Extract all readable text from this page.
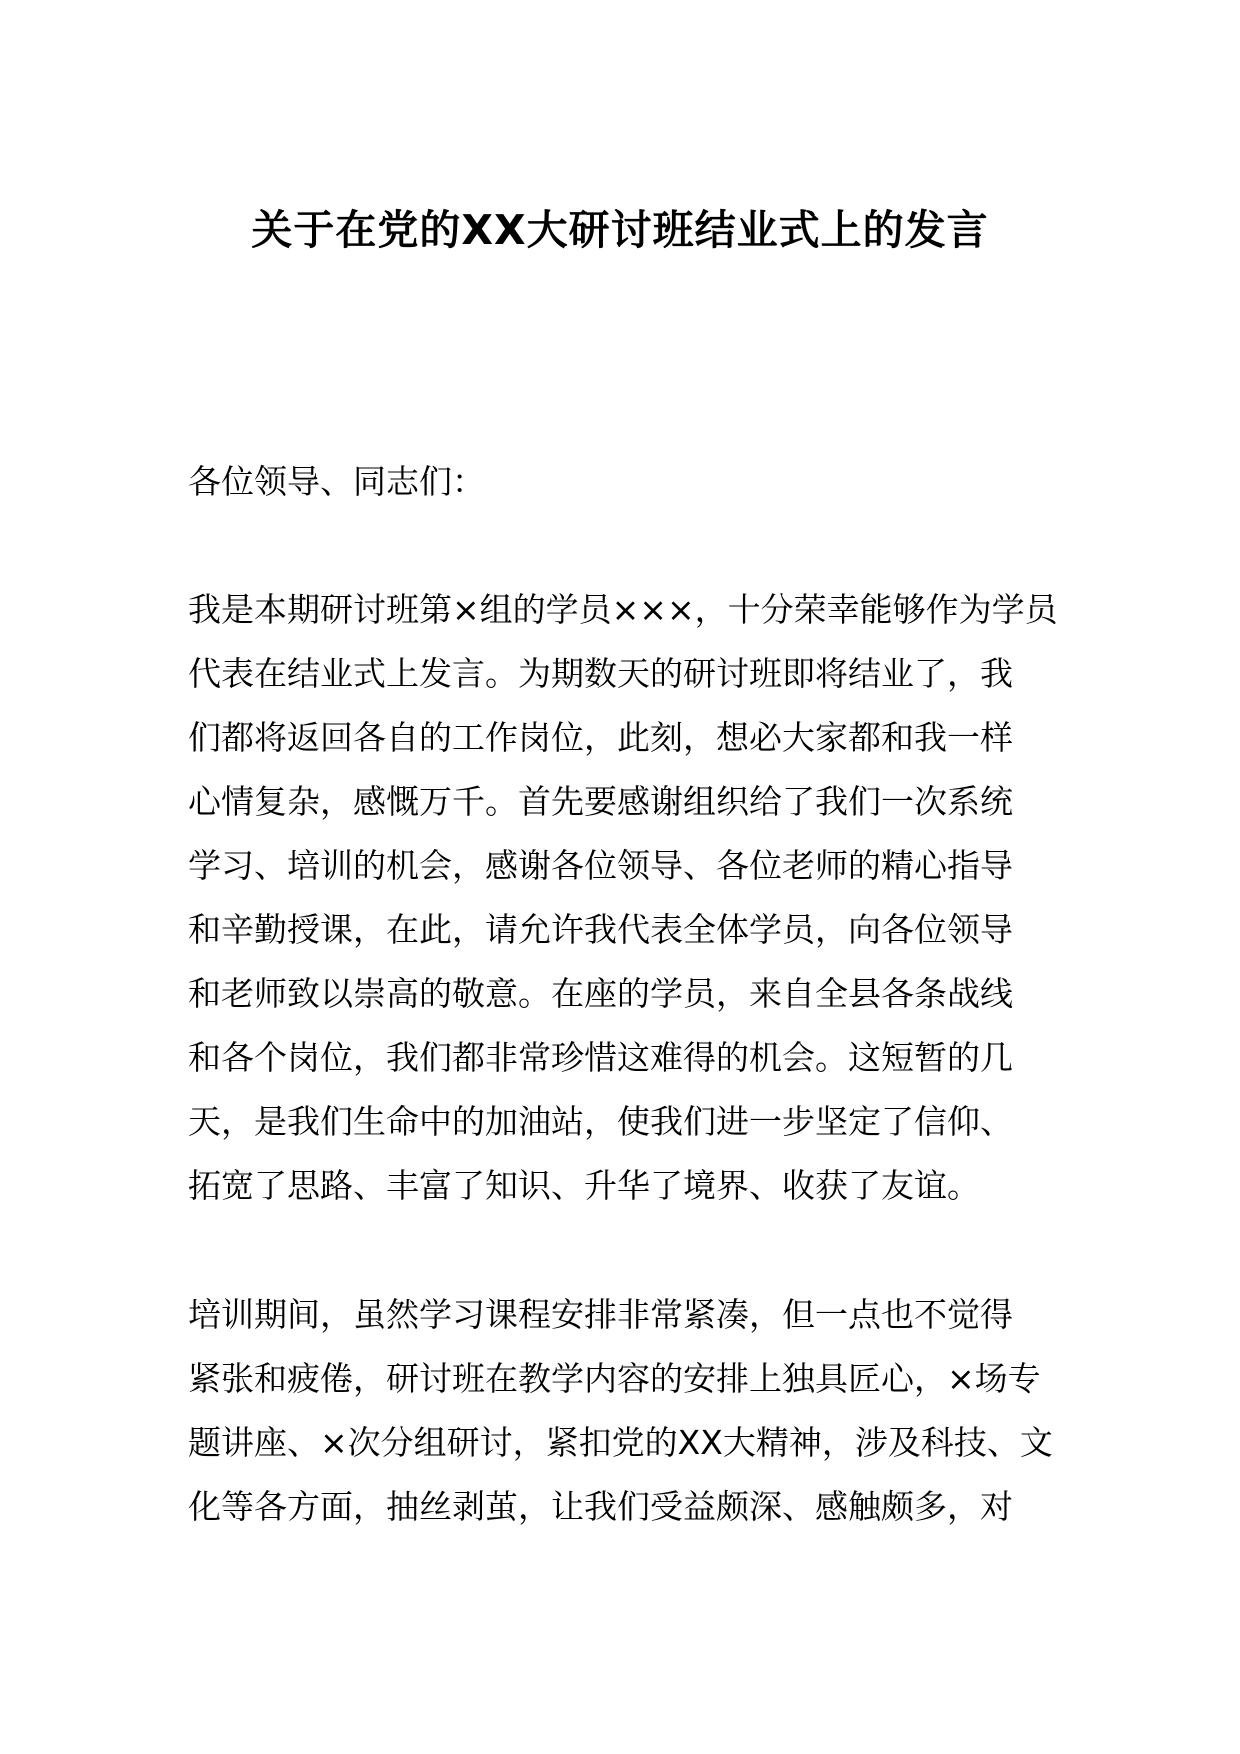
关于在党的XX大研讨班结业式上的发言
各位领导、同志们：
我是本期研讨班第×组的学员×××，十分荣幸能够作为学员
代表在结业式上发言。为期数天的研讨班即将结业了，我
们都将返回各自的工作岗位，此刻，想必大家都和我一样
心情复杂，感慨万千。首先要感谢组织给了我们一次系统
学习、培训的机会，感谢各位领导、各位老师的精心指导
和辛勤授课，在此，请允许我代表全体学员，向各位领导
和老师致以崇高的敬意。在座的学员，来自全县各条战线
和各个岗位，我们都非常珍惜这难得的机会。这短暂的几
天，是我们生命中的加油站，使我们进一步坚定了信仰、
拓宽了思路、丰富了知识、升华了境界、收获了友谊。
培训期间，虽然学习课程安排非常紧凑，但一点也不觉得
紧张和疲倦，研讨班在教学内容的安排上独具匠心，×场专
题讲座、×次分组研讨，紧扣党的XX大精神，涉及科技、文
化等各方面，抽丝剥茧，让我们受益颇深、感触颇多，对
